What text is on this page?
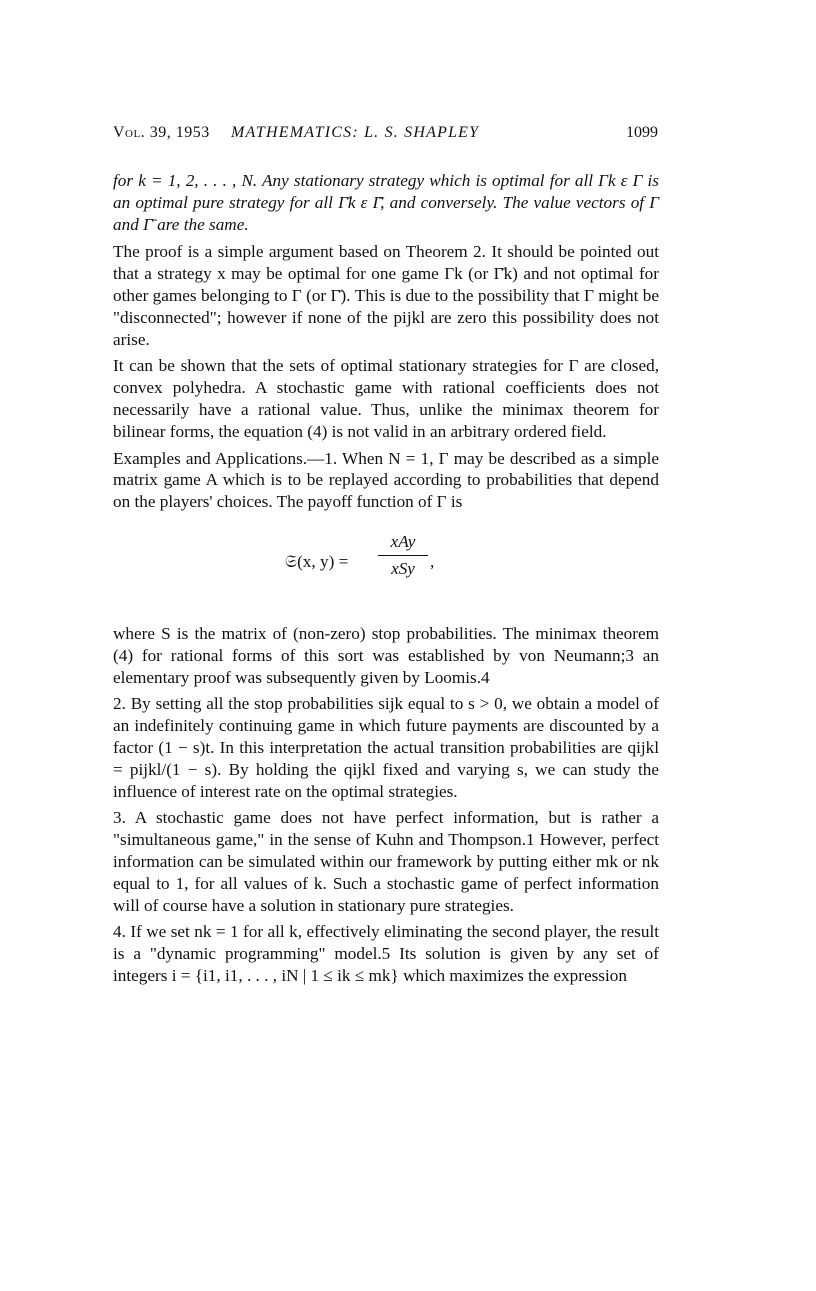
Vol. 39, 1953 MATHEMATICS: L. S. SHAPLEY	1099

for k = 1, 2, . . . , N. Any stationary strategy which is optimal for all Γk ε Γ is an optimal pure strategy for all Γ̄k ε Γ̄, and conversely. The value vectors of Γ and Γ̄ are the same.

The proof is a simple argument based on Theorem 2. It should be pointed out that a strategy x may be optimal for one game Γk (or Γ̄k) and not optimal for other games belonging to Γ (or Γ̄). This is due to the possibility that Γ might be "disconnected"; however if none of the pijkl are zero this possibility does not arise.

It can be shown that the sets of optimal stationary strategies for Γ are closed, convex polyhedra. A stochastic game with rational coefficients does not necessarily have a rational value. Thus, unlike the minimax theorem for bilinear forms, the equation (4) is not valid in an arbitrary ordered field.

Examples and Applications.—1. When N = 1, Γ may be described as a simple matrix game A which is to be replayed according to probabilities that depend on the players' choices. The payoff function of Γ is

𝔖(x, y) =
xAy
xSy ,

where S is the matrix of (non-zero) stop probabilities. The minimax theorem (4) for rational forms of this sort was established by von Neumann;3 an elementary proof was subsequently given by Loomis.4

2. By setting all the stop probabilities sijk equal to s > 0, we obtain a model of an indefinitely continuing game in which future payments are discounted by a factor (1 − s)t. In this interpretation the actual transition probabilities are qijkl = pijkl/(1 − s). By holding the qijkl fixed and varying s, we can study the influence of interest rate on the optimal strategies.

3. A stochastic game does not have perfect information, but is rather a "simultaneous game," in the sense of Kuhn and Thompson.1 However, perfect information can be simulated within our framework by putting either mk or nk equal to 1, for all values of k. Such a stochastic game of perfect information will of course have a solution in stationary pure strategies.

4. If we set nk = 1 for all k, effectively eliminating the second player, the result is a "dynamic programming" model.5 Its solution is given by any set of integers i = {i1, i1, . . . , iN | 1 ≤ ik ≤ mk} which maximizes the expression
